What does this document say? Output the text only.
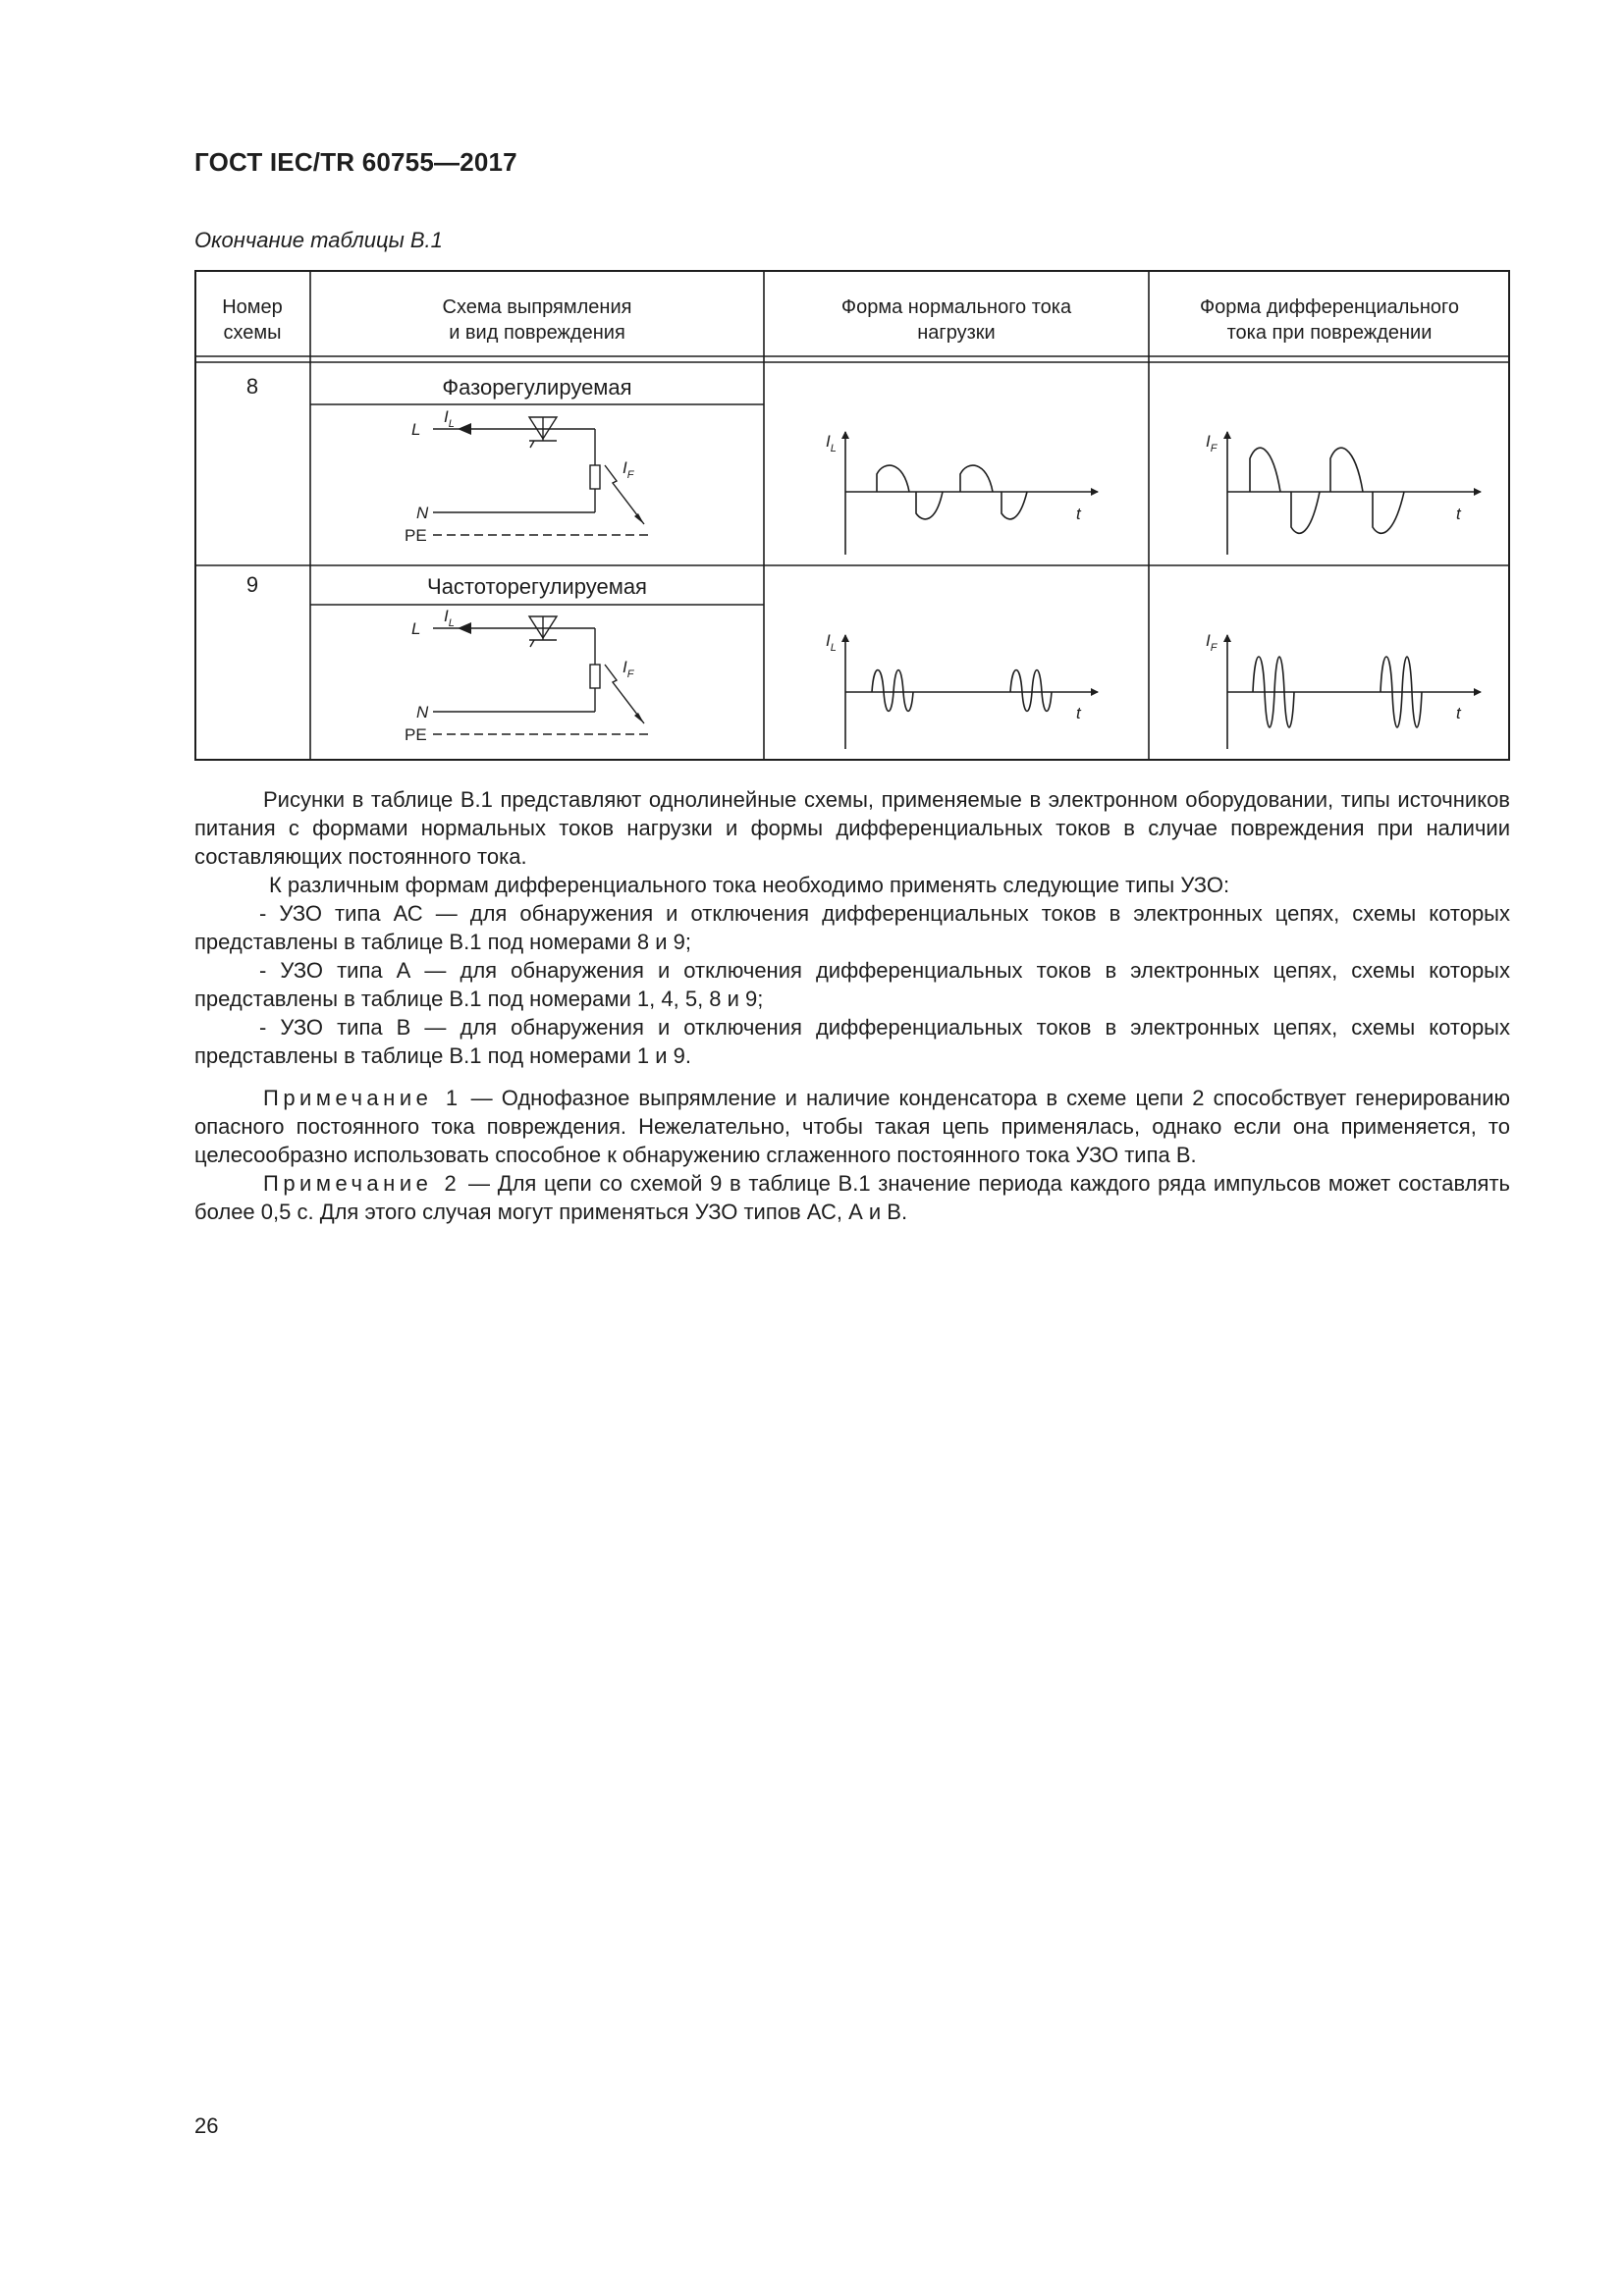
ГОСТ IEC/TR 60755—2017
Окончание таблицы В.1
Номер
схемы
Схема выпрямления
и вид повреждения
Форма нормального тока
нагрузки
Форма дифференциального
тока при повреждении
8	Фазорегулируемая
L
$I_L$
$I_F$
N
PE
$I_L$
t
$I_F$
t
9	Частоторегулируемая
L
$I_L$
$I_F$
N
PE
$I_L$
t
$I_F$
t

Рисунки в таблице В.1 представляют однолинейные схемы, применяемые в электронном оборудовании, типы источников питания с формами нормальных токов нагрузки и формы дифференциальных токов в случае повреждения при наличии составляющих постоянного тока.

К различным формам дифференциального тока необходимо применять следующие типы УЗО:

- УЗО типа АС — для обнаружения и отключения дифференциальных токов в электронных цепях, схемы которых представлены в таблице В.1 под номерами 8 и 9;

- УЗО типа А — для обнаружения и отключения дифференциальных токов в электронных цепях, схемы которых представлены в таблице В.1 под номерами 1, 4, 5, 8 и 9;

- УЗО типа В — для обнаружения и отключения дифференциальных токов в электронных цепях, схемы которых представлены в таблице В.1 под номерами 1 и 9.

Примечание 1 — Однофазное выпрямление и наличие конденсатора в схеме цепи 2 способствует генерированию опасного постоянного тока повреждения. Нежелательно, чтобы такая цепь применялась, однако если она применяется, то целесообразно использовать способное к обнаружению сглаженного постоянного тока УЗО типа В.

Примечание 2 — Для цепи со схемой 9 в таблице В.1 значение периода каждого ряда импульсов может составлять более 0,5 с. Для этого случая могут применяться УЗО типов АС, А и В.

26
